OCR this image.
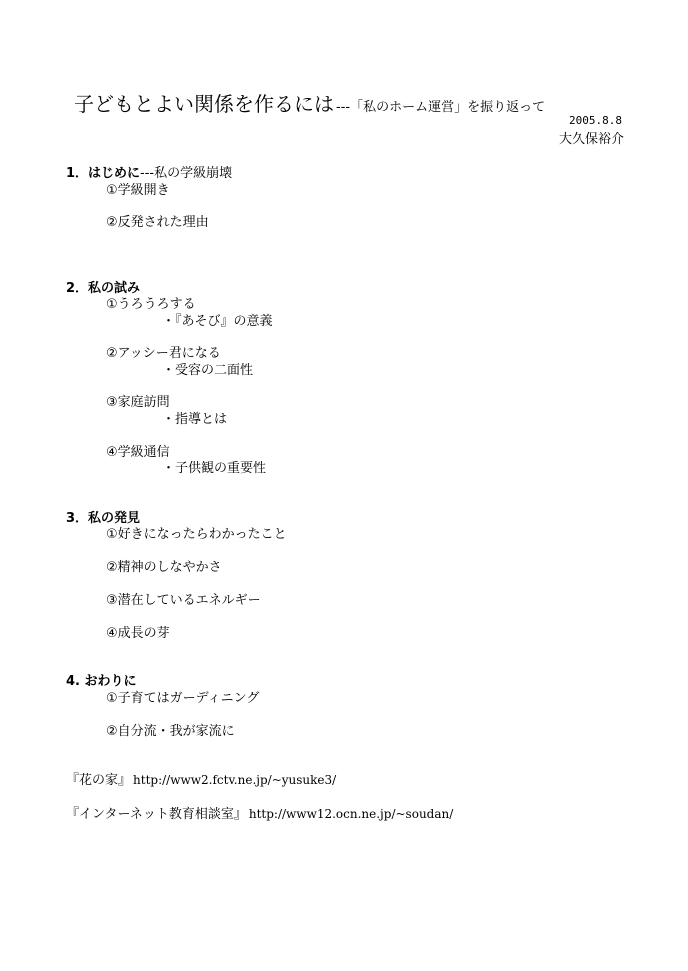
子どもとよい関係を作るには ---「私のホーム運営」を振り返って
2005.8.8
大久保裕介
1．はじめに---私の学級崩壊
①学級開き
②反発された理由
2．私の試み
①うろうろする
・『あそび』の意義
②アッシー君になる
・受容の二面性
③家庭訪問
・指導とは
④学級通信
・子供観の重要性
3．私の発見
①好きになったらわかったこと
②精神のしなやかさ
③潜在しているエネルギー
④成長の芽
4. おわりに
①子育てはガーディニング
②自分流・我が家流に
『花の家』 http://www2.fctv.ne.jp/~yusuke3/
『インターネット教育相談室』 http://www12.ocn.ne.jp/~soudan/
